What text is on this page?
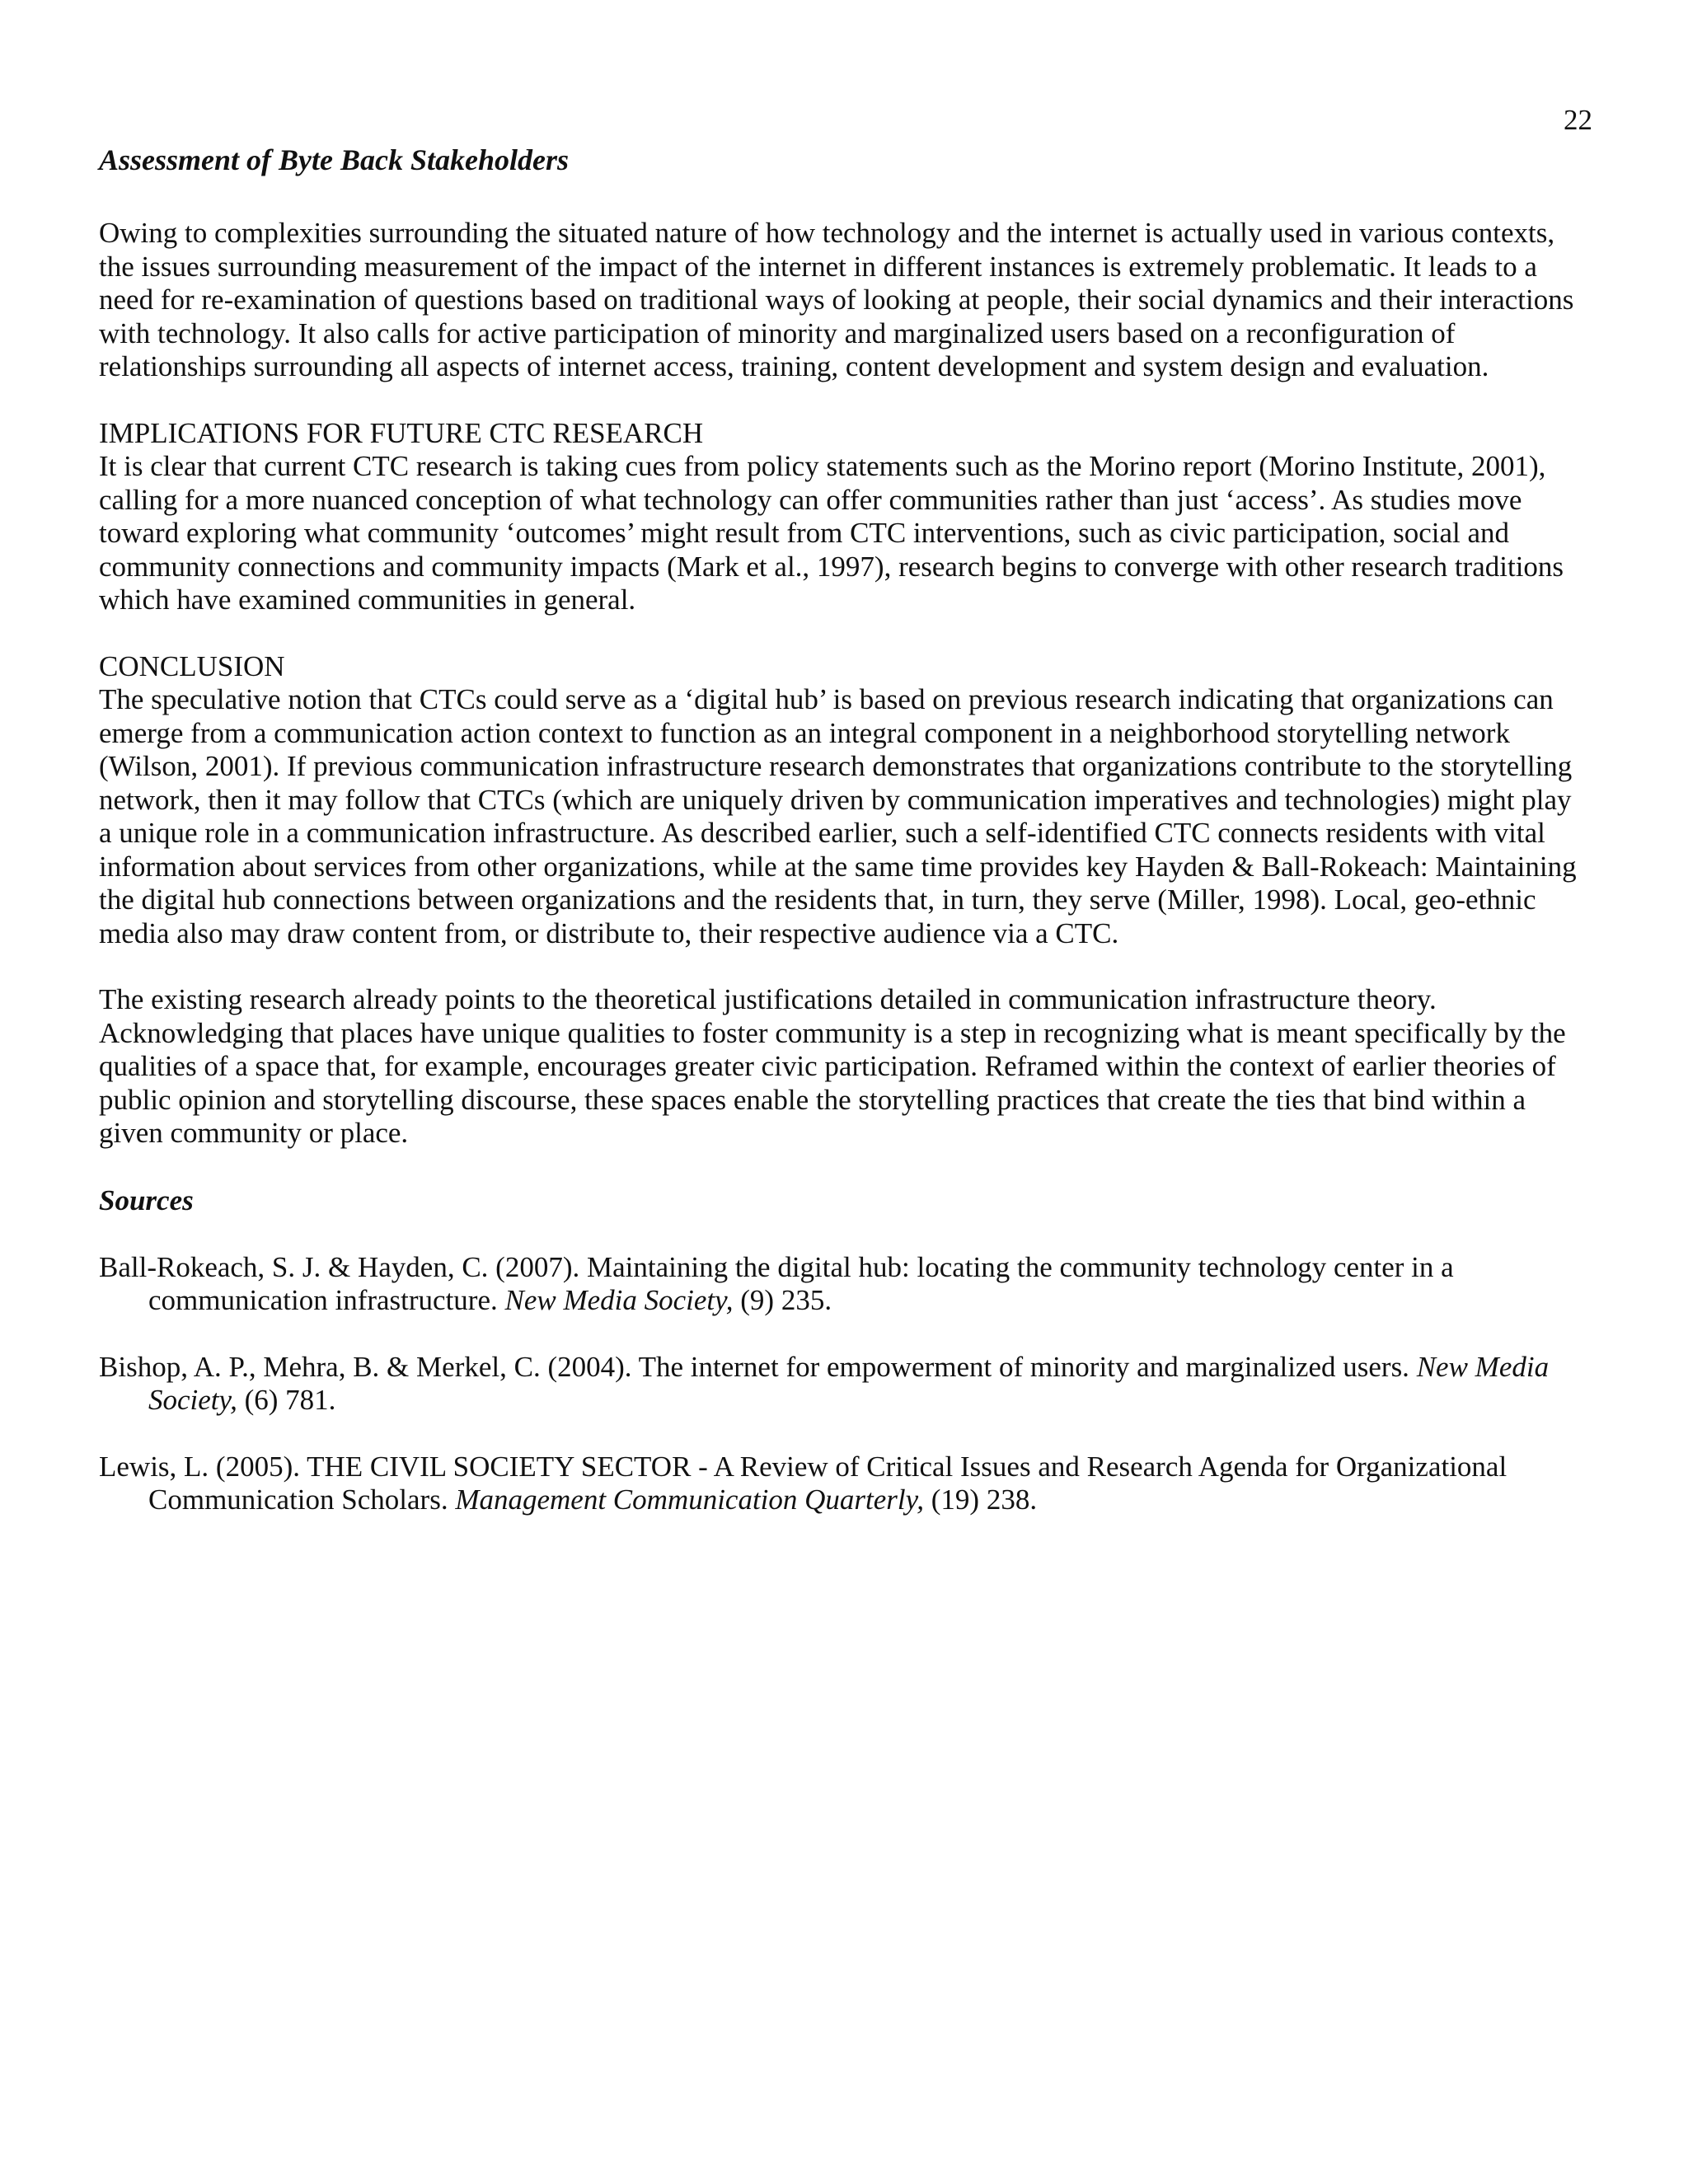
22
Assessment of Byte Back Stakeholders

Owing to complexities surrounding the situated nature of how technology and the internet is actually used in various contexts, the issues surrounding measurement of the impact of the internet in different instances is extremely problematic. It leads to a need for re-examination of questions based on traditional ways of looking at people, their social dynamics and their interactions with technology. It also calls for active participation of minority and marginalized users based on a reconfiguration of relationships surrounding all aspects of internet access, training, content development and system design and evaluation.

IMPLICATIONS FOR FUTURE CTC RESEARCH

It is clear that current CTC research is taking cues from policy statements such as the Morino report (Morino Institute, 2001), calling for a more nuanced conception of what technology can offer communities rather than just ‘access’. As studies move toward exploring what community ‘outcomes’ might result from CTC interventions, such as civic participation, social and community connections and community impacts (Mark et al., 1997), research begins to converge with other research traditions which have examined communities in general.

CONCLUSION

The speculative notion that CTCs could serve as a ‘digital hub’ is based on previous research indicating that organizations can emerge from a communication action context to function as an integral component in a neighborhood storytelling network (Wilson, 2001). If previous communication infrastructure research demonstrates that organizations contribute to the storytelling network, then it may follow that CTCs (which are uniquely driven by communication imperatives and technologies) might play a unique role in a communication infrastructure. As described earlier, such a self-identified CTC connects residents with vital information about services from other organizations, while at the same time provides key Hayden & Ball-Rokeach: Maintaining the digital hub connections between organizations and the residents that, in turn, they serve (Miller, 1998). Local, geo-ethnic media also may draw content from, or distribute to, their respective audience via a CTC.

The existing research already points to the theoretical justifications detailed in communication infrastructure theory. Acknowledging that places have unique qualities to foster community is a step in recognizing what is meant specifically by the qualities of a space that, for example, encourages greater civic participation. Reframed within the context of earlier theories of public opinion and storytelling discourse, these spaces enable the storytelling practices that create the ties that bind within a given community or place.

Sources

Ball-Rokeach, S. J. & Hayden, C. (2007). Maintaining the digital hub: locating the community technology center in a communication infrastructure. New Media Society, (9) 235.

Bishop, A. P., Mehra, B. & Merkel, C. (2004). The internet for empowerment of minority and marginalized users. New Media Society, (6) 781.

Lewis, L. (2005). THE CIVIL SOCIETY SECTOR - A Review of Critical Issues and Research Agenda for Organizational Communication Scholars. Management Communication Quarterly, (19) 238.
